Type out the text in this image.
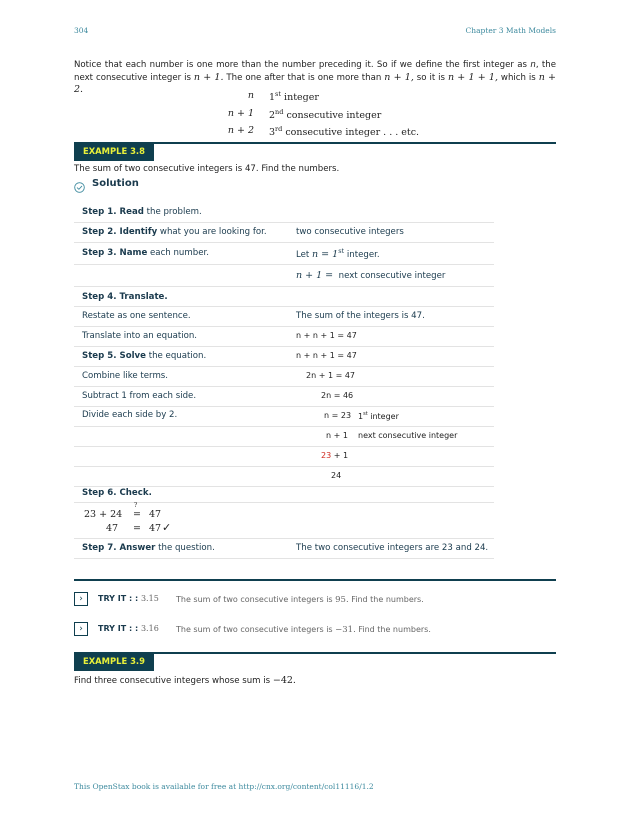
304	Chapter 3 Math Models
Notice that each number is one more than the number preceding it. So if we define the first integer as n, the next consecutive integer is n + 1. The one after that is one more than n + 1, so it is n + 1 + 1, which is n + 2.
n 1st integer
n + 1 2nd consecutive integer
n + 2 3rd consecutive integer . . . etc.
EXAMPLE 3.8
The sum of two consecutive integers is 47. Find the numbers.
Solution
Step 1. Read the problem.
Step 2. Identify what you are looking for.	two consecutive integers
Step 3. Name each number.	Let n = 1st integer.
n + 1 = next consecutive integer
Step 4. Translate.
Restate as one sentence.	The sum of the integers is 47.
Translate into an equation.	n + n + 1 = 47
Step 5. Solve the equation.	n + n + 1 = 47
Combine like terms.	2n + 1 = 47
Subtract 1 from each side.	2n = 46
Divide each side by 2.	n = 23 1st integer
n + 1 next consecutive integer
23 + 1
24
Step 6. Check.
23 + 24
?
= 47
47 = 47 ✓
Step 7. Answer the question.	The two consecutive integers are 23 and 24.
›	TRY IT : : 3.15 The sum of two consecutive integers is 95. Find the numbers.
›	TRY IT : : 3.16 The sum of two consecutive integers is −31. Find the numbers.
EXAMPLE 3.9
Find three consecutive integers whose sum is −42.
This OpenStax book is available for free at http://cnx.org/content/col11116/1.2
